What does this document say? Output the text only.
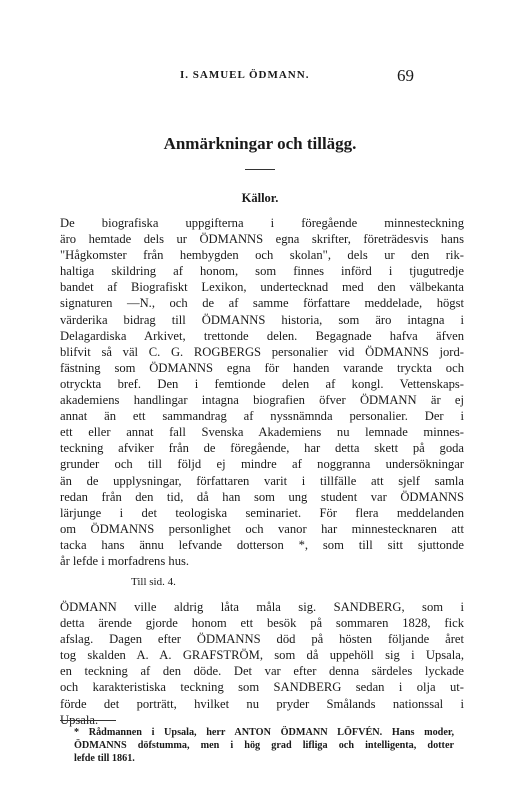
I. SAMUEL ÖDMANN.	69
Anmärkningar och tillägg.
Källor.
De biografiska uppgifterna i föregående minnesteckning
äro hemtade dels ur ÖDMANNS egna skrifter, företrädesvis hans
"Hågkomster från hembygden och skolan", dels ur den rik-
haltiga skildring af honom, som finnes införd i tjugutredje
bandet af Biografiskt Lexikon, undertecknad med den välbekanta
signaturen —N., och de af samme författare meddelade, högst
värderika bidrag till ÖDMANNS historia, som äro intagna i
Delagardiska Arkivet, trettonde delen. Begagnade hafva äfven
blifvit så väl C. G. ROGBERGS personalier vid ÖDMANNS jord-
fästning som ÖDMANNS egna för handen varande tryckta och
otryckta bref. Den i femtionde delen af kongl. Vettenskaps-
akademiens handlingar intagna biografien öfver ÖDMANN är ej
annat än ett sammandrag af nyssnämnda personalier. Der i
ett eller annat fall Svenska Akademiens nu lemnade minnes-
teckning afviker från de föregående, har detta skett på goda
grunder och till följd ej mindre af noggranna undersökningar
än de upplysningar, författaren varit i tillfälle att sjelf samla
redan från den tid, då han som ung student var ÖDMANNS
lärjunge i det teologiska seminariet. För flera meddelanden
om ÖDMANNS personlighet och vanor har minnestecknaren att
tacka hans ännu lefvande dotterson *, som till sitt sjuttonde
år lefde i morfadrens hus.
Till sid. 4.
ÖDMANN ville aldrig låta måla sig. SANDBERG, som i
detta ärende gjorde honom ett besök på sommaren 1828, fick
afslag. Dagen efter ÖDMANNS död på hösten följande året
tog skalden A. A. GRAFSTRÖM, som då uppehöll sig i Upsala,
en teckning af den döde. Det var efter denna särdeles lyckade
och karakteristiska teckning som SANDBERG sedan i olja ut-
förde det porträtt, hvilket nu pryder Smålands nationssal i
Upsala.
* Rådmannen i Upsala, herr ANTON ÖDMANN LÖFVÉN. Hans moder,
ÖDMANNS döfstumma, men i hög grad lifliga och intelligenta, dotter
lefde till 1861.
